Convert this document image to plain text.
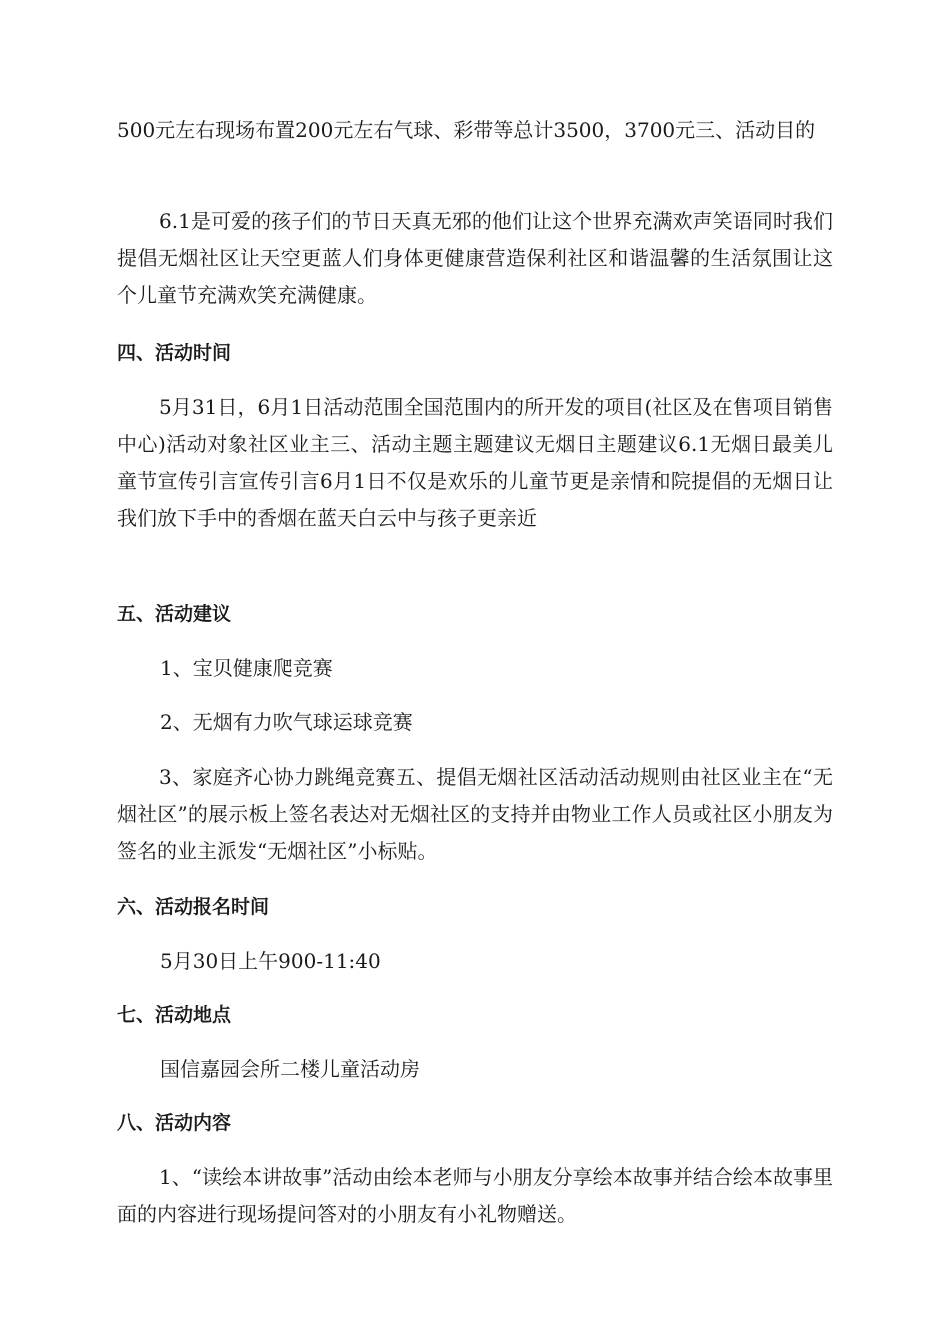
500元左右现场布置200元左右气球、彩带等总计3500，3700元三、活动目的

6.1是可爱的孩子们的节日天真无邪的他们让这个世界充满欢声笑语同时我们提倡无烟社区让天空更蓝人们身体更健康营造保利社区和谐温馨的生活氛围让这个儿童节充满欢笑充满健康。

四、活动时间

5月31日，6月1日活动范围全国范围内的所开发的项目(社区及在售项目销售中心)活动对象社区业主三、活动主题主题建议无烟日主题建议6.1无烟日最美儿童节宣传引言宣传引言6月1日不仅是欢乐的儿童节更是亲情和院提倡的无烟日让我们放下手中的香烟在蓝天白云中与孩子更亲近

五、活动建议

1、宝贝健康爬竞赛

2、无烟有力吹气球运球竞赛

3、家庭齐心协力跳绳竞赛五、提倡无烟社区活动活动规则由社区业主在“无烟社区”的展示板上签名表达对无烟社区的支持并由物业工作人员或社区小朋友为签名的业主派发“无烟社区”小标贴。

六、活动报名时间

5月30日上午900-11:40

七、活动地点

国信嘉园会所二楼儿童活动房

八、活动内容

1、“读绘本讲故事”活动由绘本老师与小朋友分享绘本故事并结合绘本故事里面的内容进行现场提问答对的小朋友有小礼物赠送。
